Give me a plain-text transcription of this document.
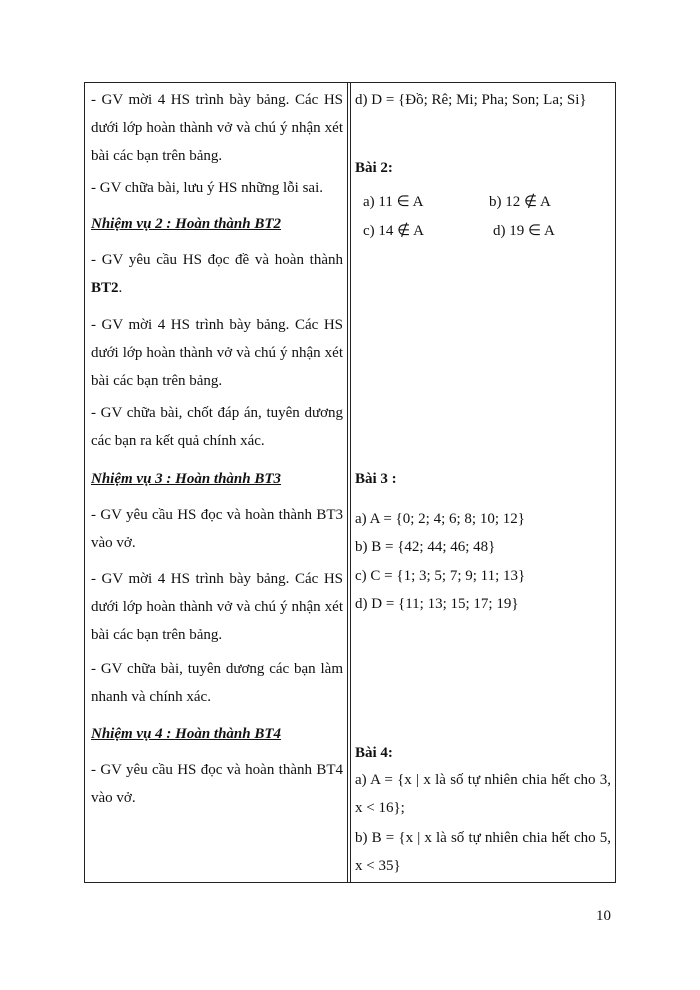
- GV mời 4 HS trình bày bảng. Các HS dưới lớp hoàn thành vở và chú ý nhận xét bài các bạn trên bảng.
- GV chữa bài, lưu ý HS những lỗi sai.
Nhiệm vụ 2 : Hoàn thành BT2
- GV yêu cầu HS đọc đề và hoàn thành BT2.
- GV mời 4 HS trình bày bảng. Các HS dưới lớp hoàn thành vở và chú ý nhận xét bài các bạn trên bảng.
- GV chữa bài, chốt đáp án, tuyên dương các bạn ra kết quả chính xác.
Nhiệm vụ 3 : Hoàn thành BT3
- GV yêu cầu HS đọc và hoàn thành BT3 vào vở.
- GV mời 4 HS trình bày bảng. Các HS dưới lớp hoàn thành vở và chú ý nhận xét bài các bạn trên bảng.
- GV chữa bài, tuyên dương các bạn làm nhanh và chính xác.
Nhiệm vụ 4 : Hoàn thành BT4
- GV yêu cầu HS đọc và hoàn thành BT4 vào vở.
d) D = {Đồ; Rê; Mi; Pha; Son; La; Si}
Bài 2:
a) 11 ∈ A	b) 12 ∉ A
c) 14 ∉ A	d) 19 ∈ A
Bài 3 :
a) A = {0; 2; 4; 6; 8; 10; 12}
b) B = {42; 44; 46; 48}
c) C = {1; 3; 5; 7; 9; 11; 13}
d) D = {11; 13; 15; 17; 19}
Bài 4:
a) A = {x | x là số tự nhiên chia hết cho 3, x < 16};
b) B = {x | x là số tự nhiên chia hết cho 5, x < 35}
10
